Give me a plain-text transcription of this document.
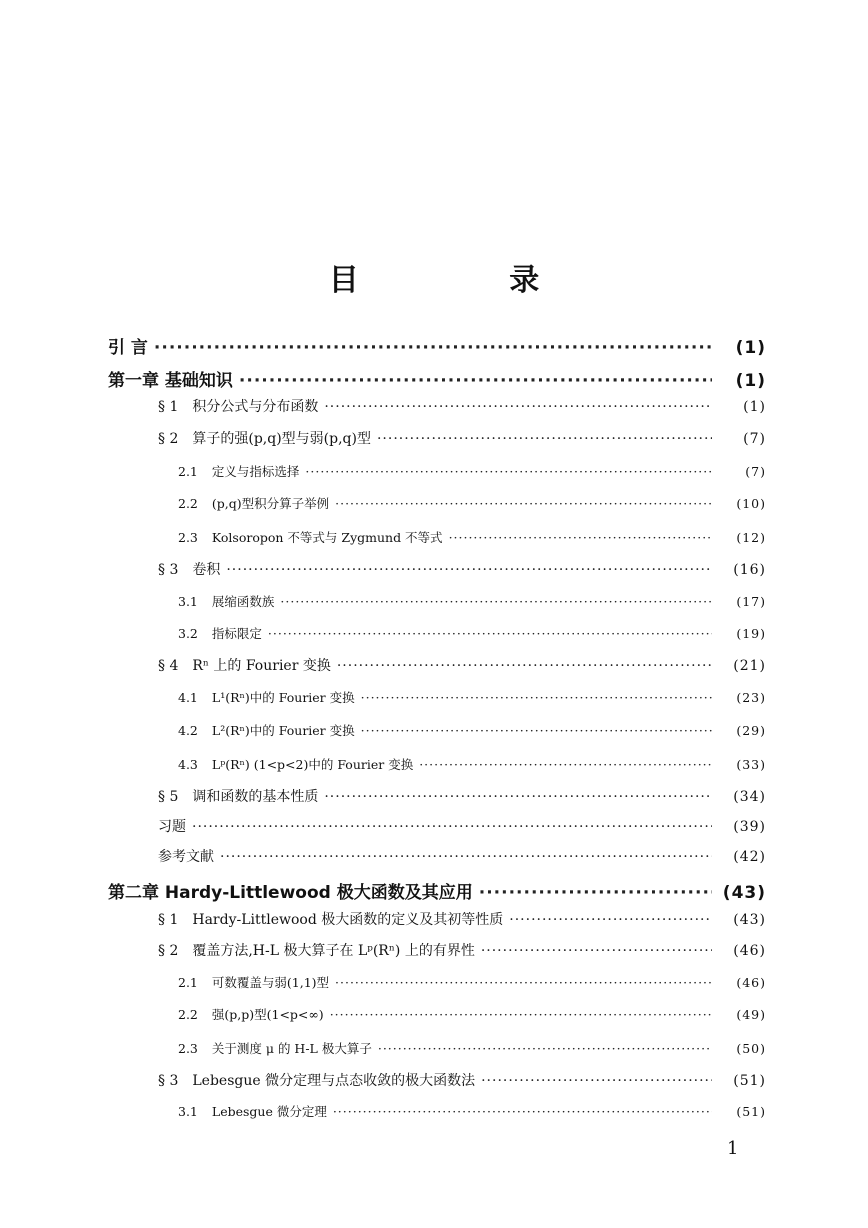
目 录
引 言 ·····	(1)
第一章 基础知识 ·····	(1)
§ 1 积分公式与分布函数 ·····	(1)
§ 2 算子的强(p,q)型与弱(p,q)型 ·····	(7)
2.1 定义与指标选择 ·····	(7)
2.2 (p,q)型积分算子举例 ·····	(10)
2.3 Kolsoropon 不等式与 Zygmund 不等式 ·····	(12)
§ 3 卷积 ·····	(16)
3.1 展缩函数族 ·····	(17)
3.2 指标限定 ·····	(19)
§ 4 Rⁿ 上的 Fourier 变换 ·····	(21)
4.1 L¹(Rⁿ)中的 Fourier 变换 ·····	(23)
4.2 L²(Rⁿ)中的 Fourier 变换 ·····	(29)
4.3 Lᵖ(Rⁿ) (1<p<2)中的 Fourier 变换 ·····	(33)
§ 5 调和函数的基本性质 ·····	(34)
习题 ·····	(39)
参考文献 ·····	(42)
第二章 Hardy-Littlewood 极大函数及其应用 ·····	(43)
§ 1 Hardy-Littlewood 极大函数的定义及其初等性质 ·····	(43)
§ 2 覆盖方法,H-L 极大算子在 Lᵖ(Rⁿ) 上的有界性 ·····	(46)
2.1 可数覆盖与弱(1,1)型 ·····	(46)
2.2 强(p,p)型(1<p<∞) ·····	(49)
2.3 关于测度 μ 的 H-L 极大算子 ·····	(50)
§ 3 Lebesgue 微分定理与点态收敛的极大函数法 ·····	(51)
3.1 Lebesgue 微分定理 ·····	(51)
1
